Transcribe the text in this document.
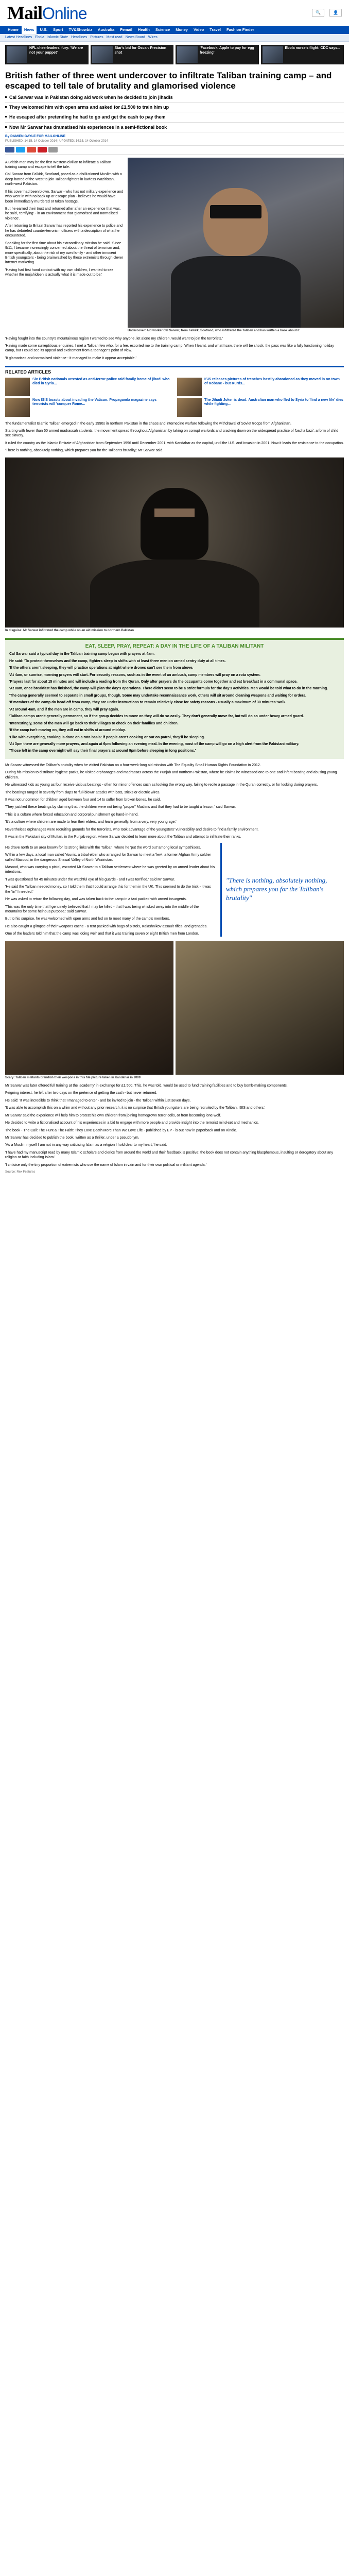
MailOnline	🔍	👤
Home	News	U.S.	Sport	TV&Showbiz	Australia	Femail	Health	Science	Money	Video	Travel	Fashion Finder
Latest Headlines Ebola Islamic State Headlines Pictures Most read News Board Wires
NFL cheerleaders' fury: 'We are not your puppet'
Star's bid for Oscar: Precision shot
'Facebook, Apple to pay for egg freezing'
Ebola nurse's flight: CDC says...
British father of three went undercover to infiltrate Taliban training camp – and escaped to tell tale of brutality and glamorised violence
Cal Sarwar was in Pakistan doing aid work when he decided to join jihadis
They welcomed him with open arms and asked for £1,500 to train him up
He escaped after pretending he had to go and get the cash to pay them
Now Mr Sarwar has dramatised his experiences in a semi-fictional book
By DAMIEN GAYLE FOR MAILONLINE
PUBLISHED: 14:15, 14 October 2014 | UPDATED: 14:15, 14 October 2014

A British man may be the first Western civilian to infiltrate a Taliban training camp and escape to tell the tale.

Cal Sarwar from Falkirk, Scotland, posed as a disillusioned Muslim with a deep hatred of the West to join Taliban fighters in lawless Waziristan, north-west Pakistan.

If his cover had been blown, Sarwar - who has not military experience and who went in with no back up or escape plan - believes he would have been immediately murdered or taken hostage.

But he earned their trust and returned after after an experience that was, he said, 'terrifying' - in an environment that 'glamorised and normalised violence'.

After returning to Britain Sarwar has reported his experience to police and he has debriefed counter-terrorism officers with a description of what he encountered.

Speaking for the first time about his extraordinary mission he said: 'Since 9/11, I became increasingly concerned about the threat of terrorism and, more specifically, about the risk of my own family - and other innocent British youngsters - being brainwashed by these extremists through clever internet marketing.

'Having had first hand contact with my own children, I wanted to see whether the mujahideen is actually what it is made out to be.'

Undercover: Aid worker Cal Sarwar, from Falkirk, Scotland, who infiltrated the Taliban and has written a book about it

'Having fought into the country's mountainous region I wanted to see why anyone, let alone my children, would want to join the terrorists.'

'Having made some surreptitious enquiries, I met a Taliban few who, for a fee, escorted me to the training camp. When I learnt, and what I saw, there will be shock, the pass was like a fully functioning holiday camp, but I could see its appeal and excitement from a teenager's point of view.

'It glamorised and normalised violence - it managed to make it appear acceptable.'

RELATED ARTICLES
Six British nationals arrested as anti-terror police raid family home of jihadi who died in Syria...
ISIS releases pictures of trenches hastily abandoned as they moved in on town of Kobane - but Kurds...
Now ISIS boasts about invading the Vatican: Propaganda magazine says terrorists will 'conquer Rome...
The Jihadi Joker is dead: Australian man who fled to Syria to 'find a new life' dies while fighting...

The fundamentalist Islamic Taliban emerged in the early 1990s in northern Pakistan in the chaos and internecine warfare following the withdrawal of Soviet troops from Afghanistan.

Starting with fewer than 50 armed madrassah students, the movement spread throughout Afghanistan by taking on corrupt warlords and cracking down on the widespread practice of 'bacha bazi', a form of child sex slavery.

It ruled the country as the Islamic Emirate of Afghanistan from September 1996 until December 2001, with Kandahar as the capital, until the U.S. and invasion in 2001. Now it leads the resistance to the occupation.

'There is nothing, absolutely nothing, which prepares you for the Taliban's brutality,' Mr Sarwar said.

In disguise: Mr Sarwar infiltrated the camp while on an aid mission to northern Pakistan
EAT, SLEEP, PRAY, REPEAT: A DAY IN THE LIFE OF A TALIBAN MILITANT

Cal Sarwar said a typical day in the Taliban training camp began with prayers at 4am.

He said: 'To protect themselves and the camp, fighters sleep in shifts with at least three men on armed sentry duty at all times.

'If the others aren't sleeping, they will practice operations at night where drones can't see them from above.

'At 4am, or sunrise, morning prayers will start. For security reasons, such as in the event of an ambush, camp members will pray on a rota system.

'Prayers last for about 15 minutes and will include a reading from the Quran. Only after prayers do the occupants come together and eat breakfast in a communal space.

'At 8am, once breakfast has finished, the camp will plan the day's operations. There didn't seem to be a strict formula for the day's activities. Men would be told what to do in the morning.

'The camp generally seemed to separate in small groups, though. Some may undertake reconnaissance work, others will sit around cleaning weapons and waiting for orders.

'If members of the camp do head off from camp, they are under instructions to remain relatively close for safety reasons - usually a maximum of 30 minutes' walk.

'At around 4am, and if the men are in camp, they will pray again.

'Taliban camps aren't generally permanent, so if the group decides to move on they will do so easily. They don't generally move far, but will do so under heavy armed guard.

'Interestingly, some of the men will go back to their villages to check on their families and children.

'If the camp isn't moving on, they will eat in shifts at around midday.

'Like with everything, cooking is done on a rota basis: if people aren't cooking or out on patrol, they'll be sleeping.

'At 3pm there are generally more prayers, and again at 6pm following an evening meal. In the evening, most of the camp will go on a high alert from the Pakistani military.

'Those left in the camp overnight will say their final prayers at around 9pm before sleeping in long positions.'

Mr Sarwar witnessed the Taliban's brutality when he visited Pakistan on a four-week-long aid mission with The Equality Small Human Rights Foundation in 2012.

During his mission to distribute hygiene packs, he visited orphanages and madrassas across the Punjab and northern Pakistan, where he claims he witnessed one-to-one and infant beating and abusing young children.

He witnessed kids as young as four receive vicious beatings - often for minor offences such as looking the wrong way, failing to recite a passage in the Quran correctly, or for looking during prayers.

The beatings ranged in severity from slaps to 'full-blown' attacks with bats, sticks or electric wires.

It was not uncommon for children aged between four and 14 to suffer from broken bones, he said.

'They justified these beatings by claiming that the children were not being "proper" Muslims and that they had to be taught a lesson,' said Sarwar.

'This is a culture where forced education and corporal punishment go hand-in-hand.

'It's a culture where children are made to fear their elders, and learn generally, from a very, very young age.'

Nevertheless orphanages were recruiting grounds for the terrorists, who took advantage of the youngsters' vulnerability and desire to find a family environment.

It was in the Pakistani city of Multan, in the Punjab region, where Sarwar decided to learn more about the Taliban and attempt to infiltrate their ranks.

He drove north to an area known for its strong links with the Taliban, where he 'put the word out' among local sympathisers.

Within a few days, a local man called Younis, a tribal elder who arranged for Sarwar to meet a 'few', a former Afghan Army soldier called Masood, in the dangerous Shawal Valley of North Waziristan.

Masood, who was carrying a pistol, escorted Mr Sarwar to a Taliban settlement where he was greeted by an armed leader about his intentions.

'I was questioned for 45 minutes under the watchful eye of his guards - and I was terrified,' said Mr Sarwar.

'He said the Taliban needed money, so I told them that I could arrange this for them in the UK. This seemed to do the trick - it was the "in" I needed.'

He was asked to return the following day, and was taken back to the camp in a taxi packed with armed insurgents.

'This was the only time that I genuinely believed that I may be killed - that I was being whisked away into the middle of the mountains for some heinous purpose,' said Sarwar.

But to his surprise, he was welcomed with open arms and led on to meet many of the camp's members.

He also caught a glimpse of their weapons cache - a tent packed with bags of pistols, Kalashnikov assault rifles, and grenades.

One of the leaders told him that the camp was 'doing well' and that it was training seven or eight British men from London.

"There is nothing, absolutely nothing, which prepares you for the Taliban's brutality"
Scary: Taliban militants brandish their weapons in this file picture taken in Kandahar in 2009

Mr Sarwar was later offered full training at the 'academy' in exchange for £1,500. This, he was told, would be used to fund training facilities and to buy bomb-making components.

Feigning interest, he left after two days on the pretence of getting the cash - but never returned.

He said: 'It was incredible to think that I managed to enter - and be invited to join - the Taliban within just seven days.

'It was able to accomplish this on a whim and without any prior research, it is no surprise that British youngsters are being recruited by the Taliban, ISIS and others.'

Mr Sarwar said the experience will help him to protect his own children from joining homegrown terror cells, or from becoming lone wolf.

He decided to write a fictionalised account of his experiences in a bid to engage with more people and provide insight into the terrorist mind-set and mechanics.

The book - The Call: The Hunt & The Faith: They Love Death More Than We Love Life - published by EP - is out now in paperback and on Kindle.

Mr Sarwar has decided to publish the book, written as a thriller, under a pseudonym.

'As a Muslim myself I am not in any way criticising Islam as a religion I hold dear to my heart,' he said.

'I have had my manuscript read by many Islamic scholars and clerics from around the world and their feedback is positive: the book does not contain anything blasphemous, insulting or derogatory about any religion or faith including Islam.'

'I criticise only the tiny proportion of extremists who use the name of Islam in vain and for their own political or militant agenda.'

Source: Rex Features
